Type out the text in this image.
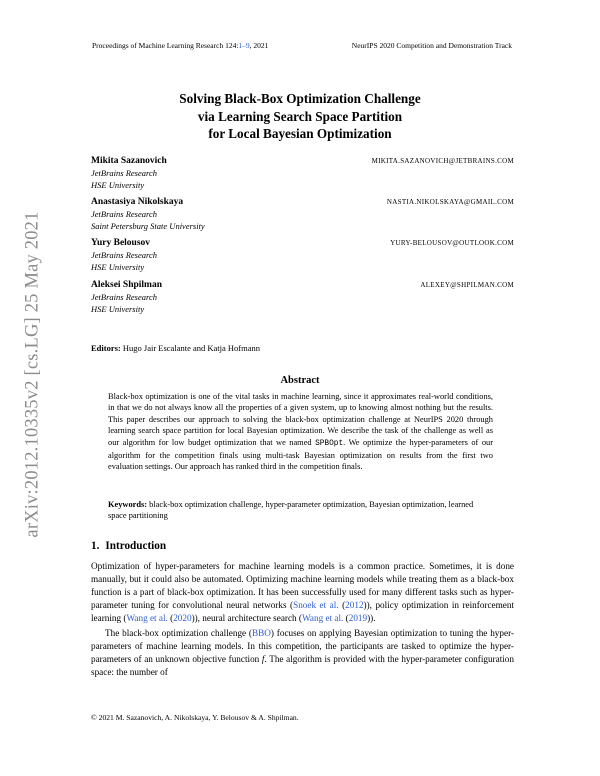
Proceedings of Machine Learning Research 124:1–9, 2021	NeurIPS 2020 Competition and Demonstration Track
arXiv:2012.10335v2 [cs.LG] 25 May 2021
Solving Black-Box Optimization Challenge
via Learning Search Space Partition
for Local Bayesian Optimization
Mikita Sazanovich	MIKITA.SAZANOVICH@JETBRAINS.COM
JetBrains Research
HSE University
Anastasiya Nikolskaya	NASTIA.NIKOLSKAYA@GMAIL.COM
JetBrains Research
Saint Petersburg State University
Yury Belousov	YURY-BELOUSOV@OUTLOOK.COM
JetBrains Research
HSE University
Aleksei Shpilman	ALEXEY@SHPILMAN.COM
JetBrains Research
HSE University
Editors: Hugo Jair Escalante and Katja Hofmann
Abstract
Black-box optimization is one of the vital tasks in machine learning, since it approximates real-world conditions, in that we do not always know all the properties of a given system, up to knowing almost nothing but the results. This paper describes our approach to solving the black-box optimization challenge at NeurIPS 2020 through learning search space partition for local Bayesian optimization. We describe the task of the challenge as well as our algorithm for low budget optimization that we named SPBOpt. We optimize the hyper-parameters of our algorithm for the competition finals using multi-task Bayesian optimization on results from the first two evaluation settings. Our approach has ranked third in the competition finals.
Keywords: black-box optimization challenge, hyper-parameter optimization, Bayesian optimization, learned space partitioning
1. Introduction
Optimization of hyper-parameters for machine learning models is a common practice. Sometimes, it is done manually, but it could also be automated. Optimizing machine learning models while treating them as a black-box function is a part of black-box optimization. It has been successfully used for many different tasks such as hyper-parameter tuning for convolutional neural networks (Snoek et al. (2012)), policy optimization in reinforcement learning (Wang et al. (2020)), neural architecture search (Wang et al. (2019)).
The black-box optimization challenge (BBO) focuses on applying Bayesian optimization to tuning the hyper-parameters of machine learning models. In this competition, the participants are tasked to optimize the hyper-parameters of an unknown objective function f. The algorithm is provided with the hyper-parameter configuration space: the number of
© 2021 M. Sazanovich, A. Nikolskaya, Y. Belousov & A. Shpilman.
